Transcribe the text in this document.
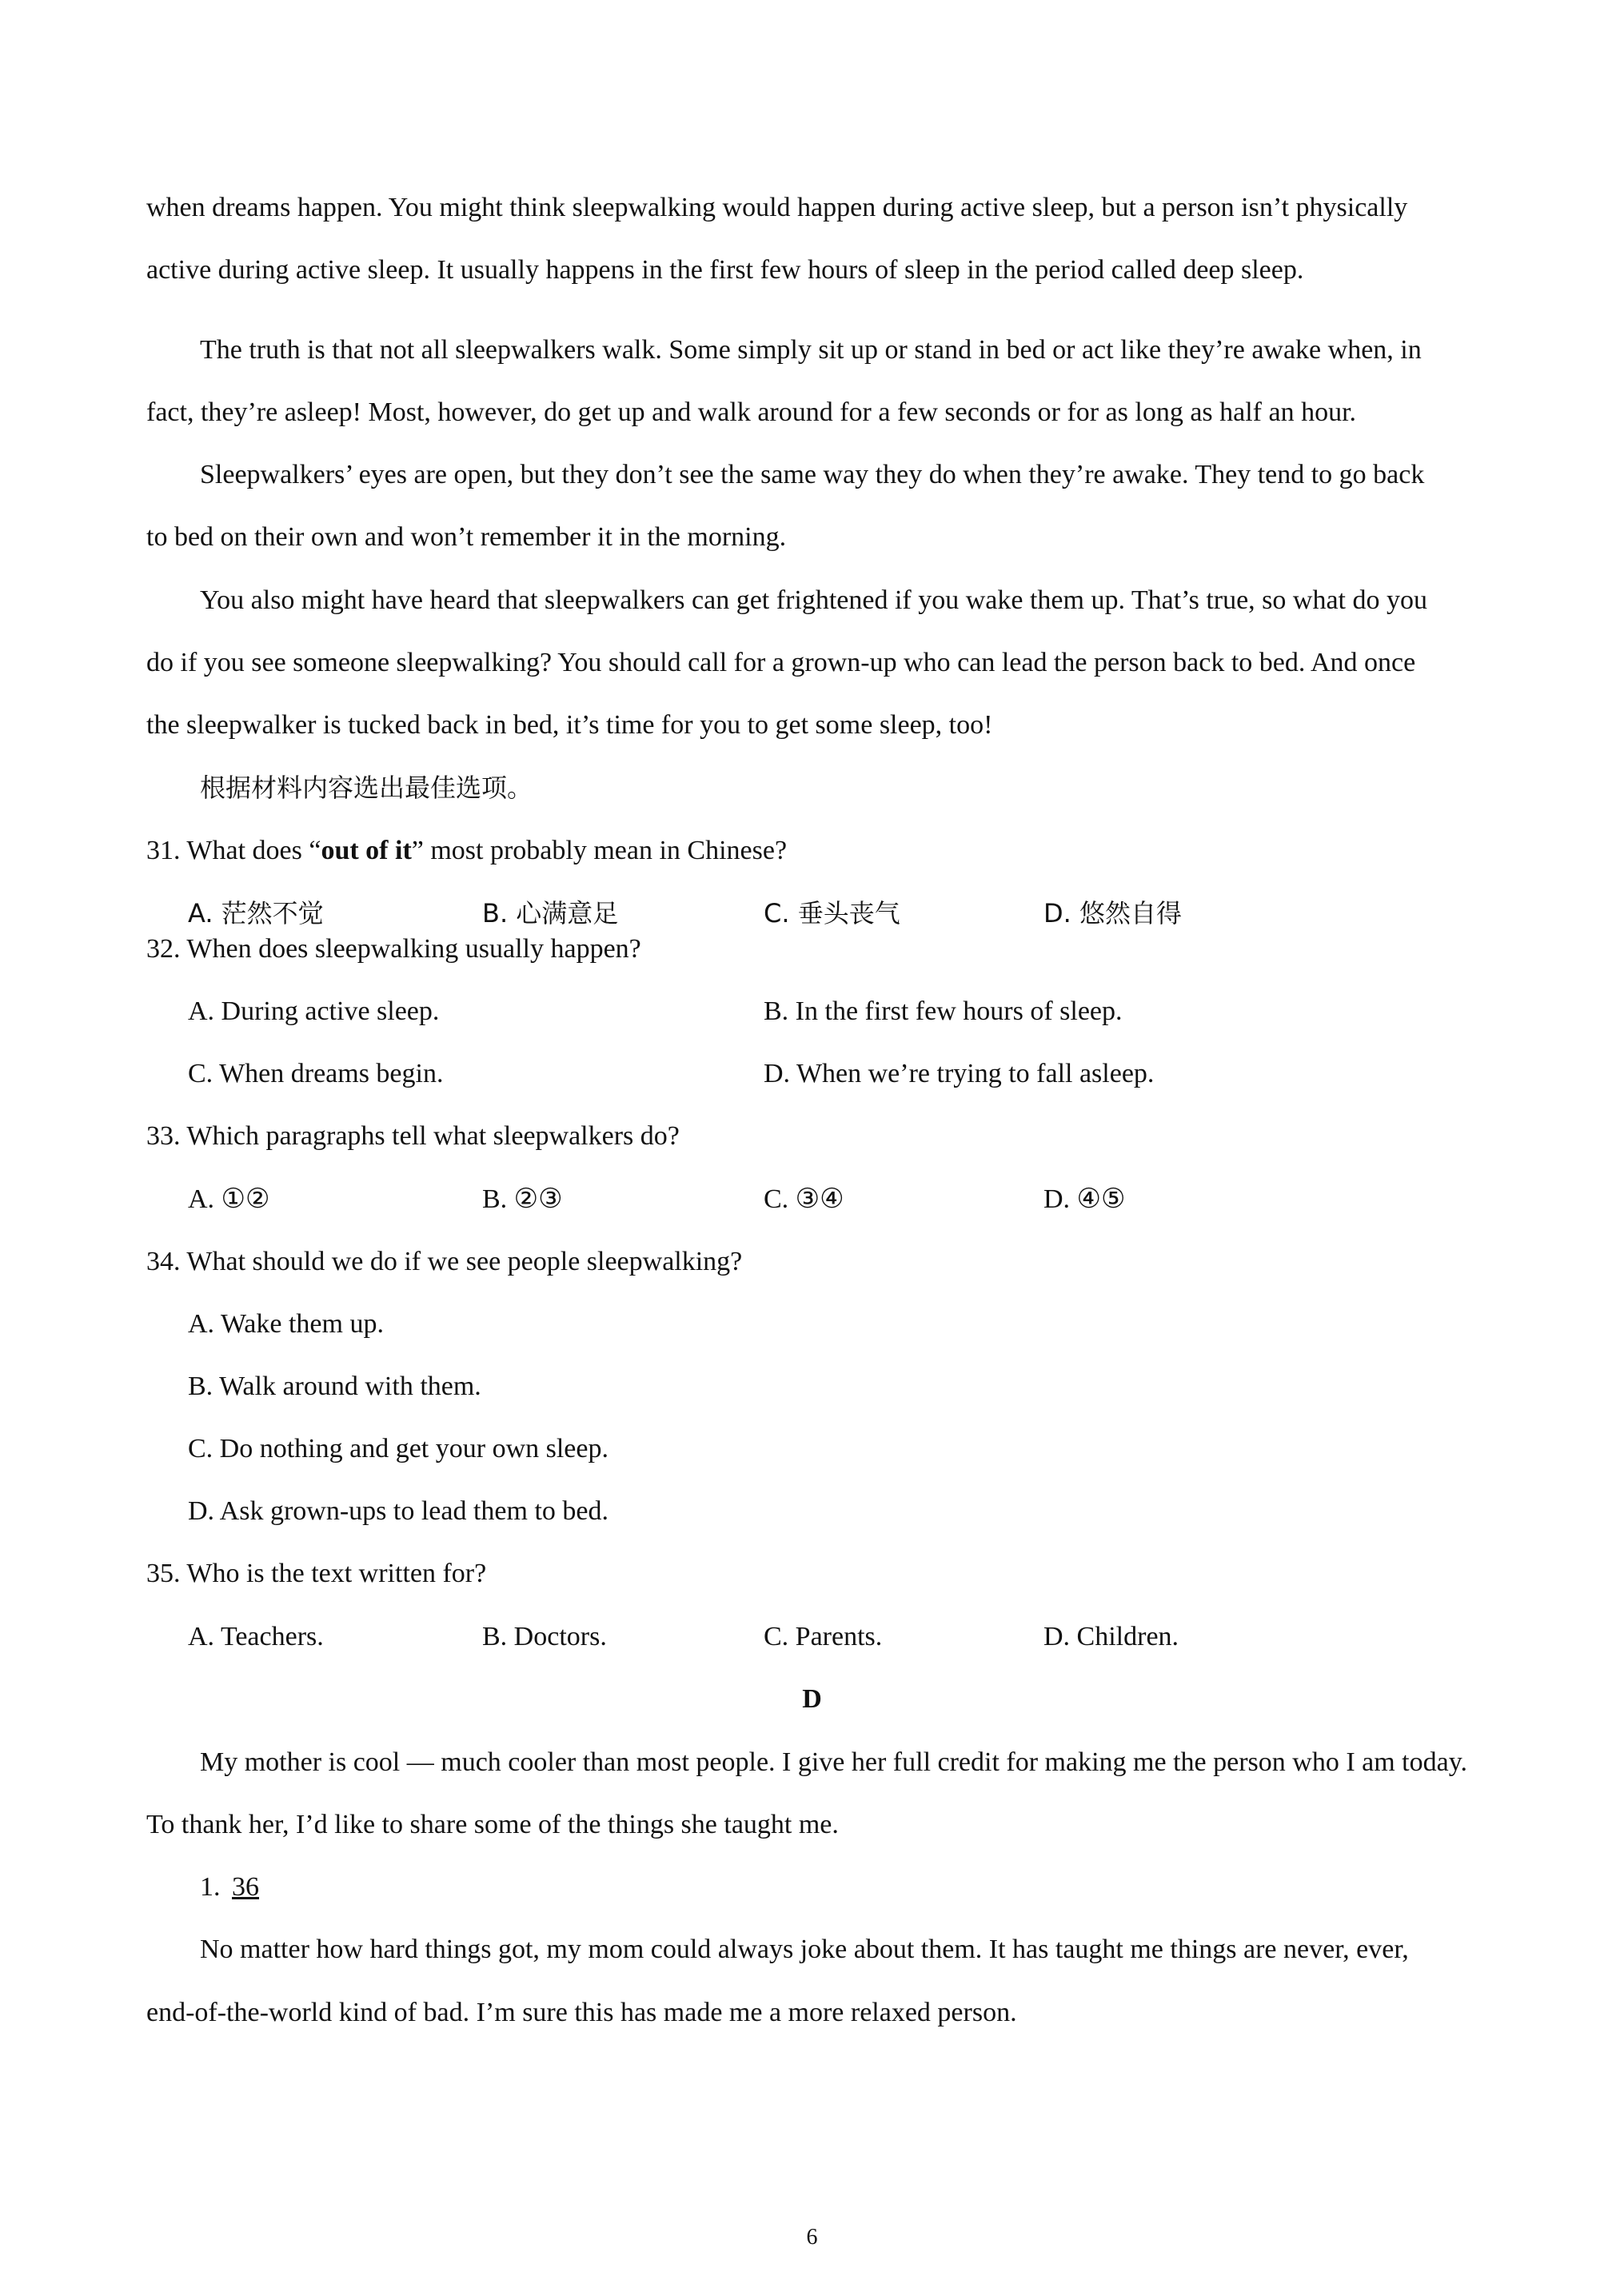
when dreams happen. You might think sleepwalking would happen during active sleep, but a person isn’t physically
active during active sleep. It usually happens in the first few hours of sleep in the period called deep sleep.
The truth is that not all sleepwalkers walk. Some simply sit up or stand in bed or act like they’re awake when, in
fact, they’re asleep! Most, however, do get up and walk around for a few seconds or for as long as half an hour.
Sleepwalkers’ eyes are open, but they don’t see the same way they do when they’re awake. They tend to go back
to bed on their own and won’t remember it in the morning.
You also might have heard that sleepwalkers can get frightened if you wake them up. That’s true, so what do you
do if you see someone sleepwalking? You should call for a grown-up who can lead the person back to bed. And once
the sleepwalker is tucked back in bed, it’s time for you to get some sleep, too!
根据材料内容选出最佳选项。
31. What does “out of it” most probably mean in Chinese?
A. 茫然不觉	B. 心满意足	C. 垂头丧气	D. 悠然自得
32. When does sleepwalking usually happen?
A. During active sleep.	B. In the first few hours of sleep.
C. When dreams begin.	D. When we’re trying to fall asleep.
33. Which paragraphs tell what sleepwalkers do?
A. ①②	B. ②③	C. ③④	D. ④⑤
34. What should we do if we see people sleepwalking?
A. Wake them up.
B. Walk around with them.
C. Do nothing and get your own sleep.
D. Ask grown-ups to lead them to bed.
35. Who is the text written for?
A. Teachers.	B. Doctors.	C. Parents.	D. Children.
D
My mother is cool — much cooler than most people. I give her full credit for making me the person who I am today.
To thank her, I’d like to share some of the things she taught me.
1. 36
No matter how hard things got, my mom could always joke about them. It has taught me things are never, ever,
end-of-the-world kind of bad. I’m sure this has made me a more relaxed person.
6
